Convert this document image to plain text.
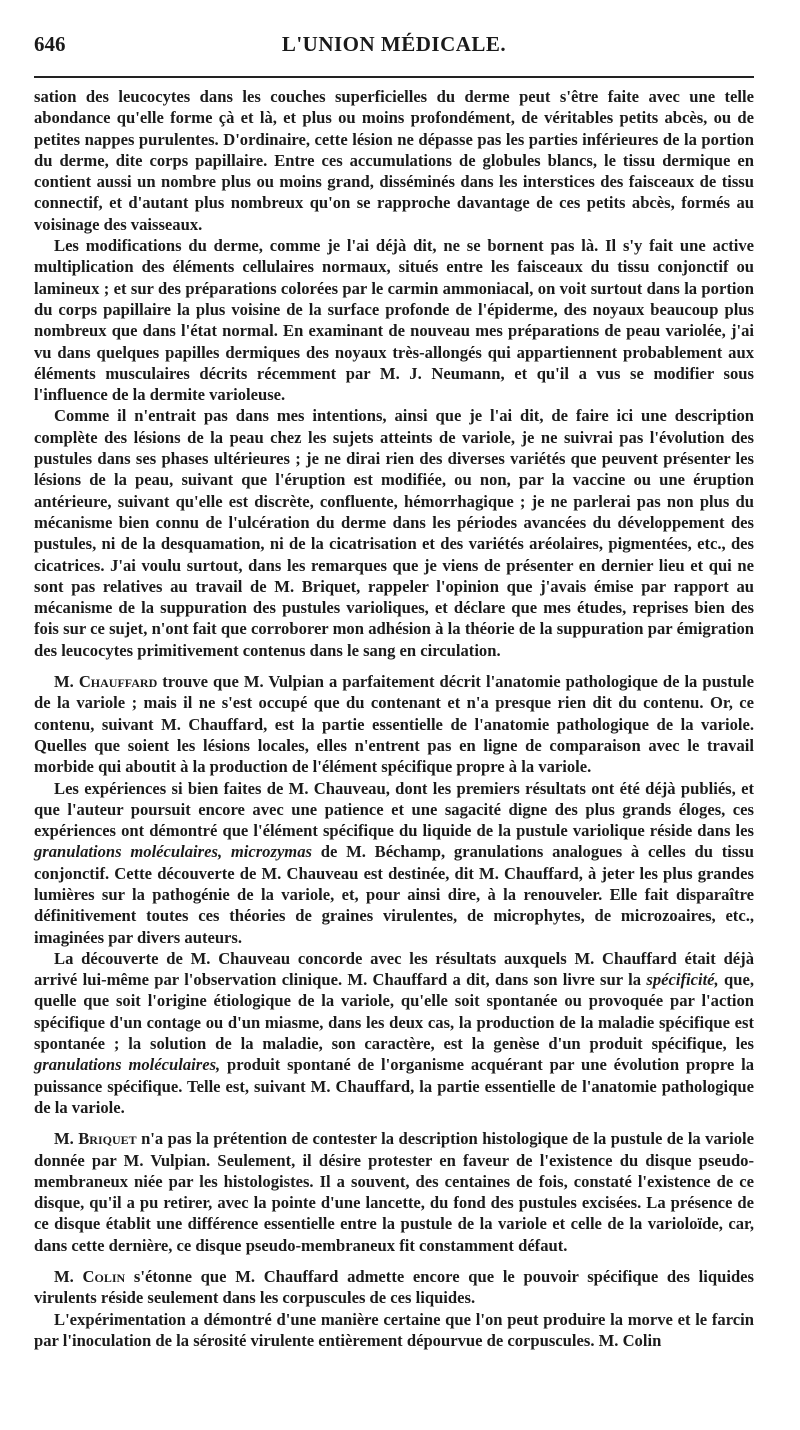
646	L'UNION MÉDICALE.

sation des leucocytes dans les couches superficielles du derme peut s'être faite avec une telle abondance qu'elle forme çà et là, et plus ou moins profondément, de véritables petits abcès, ou de petites nappes purulentes. D'ordinaire, cette lésion ne dépasse pas les parties inférieures de la portion du derme, dite corps papillaire. Entre ces accumulations de globules blancs, le tissu dermique en contient aussi un nombre plus ou moins grand, disséminés dans les interstices des faisceaux de tissu connectif, et d'autant plus nombreux qu'on se rapproche davantage de ces petits abcès, formés au voisinage des vaisseaux.

Les modifications du derme, comme je l'ai déjà dit, ne se bornent pas là. Il s'y fait une active multiplication des éléments cellulaires normaux, situés entre les faisceaux du tissu conjonctif ou lamineux ; et sur des préparations colorées par le carmin ammoniacal, on voit surtout dans la portion du corps papillaire la plus voisine de la surface profonde de l'épiderme, des noyaux beaucoup plus nombreux que dans l'état normal. En examinant de nouveau mes préparations de peau variolée, j'ai vu dans quelques papilles dermiques des noyaux très-allongés qui appartiennent probablement aux éléments musculaires décrits récemment par M. J. Neumann, et qu'il a vus se modifier sous l'influence de la dermite varioleuse.

Comme il n'entrait pas dans mes intentions, ainsi que je l'ai dit, de faire ici une description complète des lésions de la peau chez les sujets atteints de variole, je ne suivrai pas l'évolution des pustules dans ses phases ultérieures ; je ne dirai rien des diverses variétés que peuvent présenter les lésions de la peau, suivant que l'éruption est modifiée, ou non, par la vaccine ou une éruption antérieure, suivant qu'elle est discrète, confluente, hémorrhagique ; je ne parlerai pas non plus du mécanisme bien connu de l'ulcération du derme dans les périodes avancées du développement des pustules, ni de la desquamation, ni de la cicatrisation et des variétés aréolaires, pigmentées, etc., des cicatrices. J'ai voulu surtout, dans les remarques que je viens de présenter en dernier lieu et qui ne sont pas relatives au travail de M. Briquet, rappeler l'opinion que j'avais émise par rapport au mécanisme de la suppuration des pustules varioliques, et déclare que mes études, reprises bien des fois sur ce sujet, n'ont fait que corroborer mon adhésion à la théorie de la suppuration par émigration des leucocytes primitivement contenus dans le sang en circulation.

M. Chauffard trouve que M. Vulpian a parfaitement décrit l'anatomie pathologique de la pustule de la variole ; mais il ne s'est occupé que du contenant et n'a presque rien dit du contenu. Or, ce contenu, suivant M. Chauffard, est la partie essentielle de l'anatomie pathologique de la variole. Quelles que soient les lésions locales, elles n'entrent pas en ligne de comparaison avec le travail morbide qui aboutit à la production de l'élément spécifique propre à la variole.

Les expériences si bien faites de M. Chauveau, dont les premiers résultats ont été déjà publiés, et que l'auteur poursuit encore avec une patience et une sagacité digne des plus grands éloges, ces expériences ont démontré que l'élément spécifique du liquide de la pustule variolique réside dans les granulations moléculaires, microzymas de M. Béchamp, granulations analogues à celles du tissu conjonctif. Cette découverte de M. Chauveau est destinée, dit M. Chauffard, à jeter les plus grandes lumières sur la pathogénie de la variole, et, pour ainsi dire, à la renouveler. Elle fait disparaître définitivement toutes ces théories de graines virulentes, de microphytes, de microzoaires, etc., imaginées par divers auteurs.

La découverte de M. Chauveau concorde avec les résultats auxquels M. Chauffard était déjà arrivé lui-même par l'observation clinique. M. Chauffard a dit, dans son livre sur la spécificité, que, quelle que soit l'origine étiologique de la variole, qu'elle soit spontanée ou provoquée par l'action spécifique d'un contage ou d'un miasme, dans les deux cas, la production de la maladie spécifique est spontanée ; la solution de la maladie, son caractère, est la genèse d'un produit spécifique, les granulations moléculaires, produit spontané de l'organisme acquérant par une évolution propre la puissance spécifique. Telle est, suivant M. Chauffard, la partie essentielle de l'anatomie pathologique de la variole.

M. Briquet n'a pas la prétention de contester la description histologique de la pustule de la variole donnée par M. Vulpian. Seulement, il désire protester en faveur de l'existence du disque pseudo-membraneux niée par les histologistes. Il a souvent, des centaines de fois, constaté l'existence de ce disque, qu'il a pu retirer, avec la pointe d'une lancette, du fond des pustules excisées. La présence de ce disque établit une différence essentielle entre la pustule de la variole et celle de la varioloïde, car, dans cette dernière, ce disque pseudo-membraneux fit constamment défaut.

M. Colin s'étonne que M. Chauffard admette encore que le pouvoir spécifique des liquides virulents réside seulement dans les corpuscules de ces liquides.

L'expérimentation a démontré d'une manière certaine que l'on peut produire la morve et le farcin par l'inoculation de la sérosité virulente entièrement dépourvue de corpuscules. M. Colin
